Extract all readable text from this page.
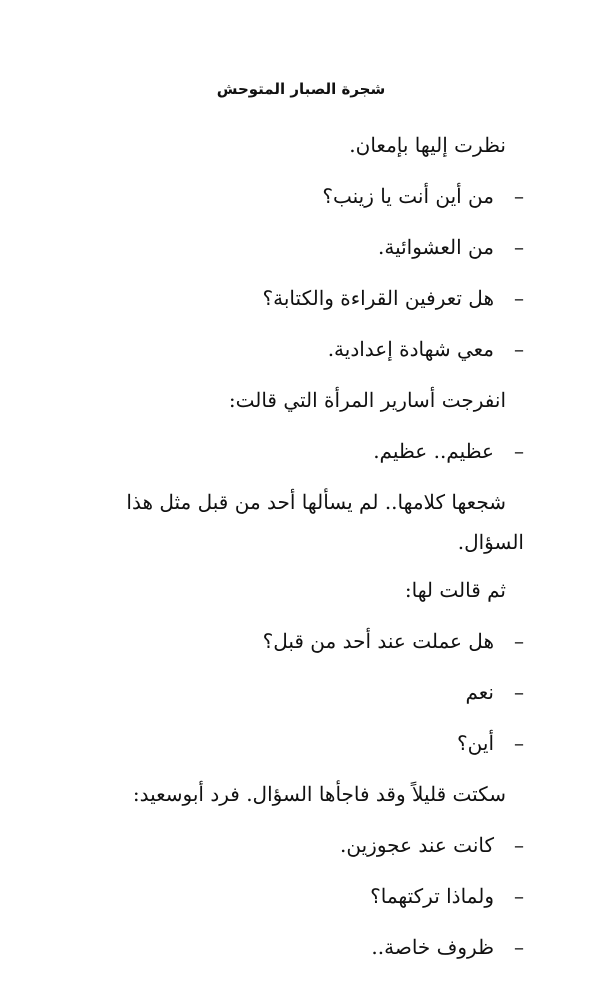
شجرة الصبار المتوحش

نظرت إليها بإمعان.

–
من أين أنت يا زينب؟
–
من العشوائية.
–
هل تعرفين القراءة والكتابة؟
–
معي شهادة إعدادية.

انفرجت أسارير المرأة التي قالت:

–
عظيم.. عظيم.

شجعها كلامها.. لم يسألها أحد من قبل مثل هذا
السؤال.

ثم قالت لها:

–
هل عملت عند أحد من قبل؟
–
نعم
–
أين؟

سكتت قليلاً وقد فاجأها السؤال. فرد أبوسعيد:

–
كانت عند عجوزين.
–
ولماذا تركتهما؟
–
ظروف خاصة..
